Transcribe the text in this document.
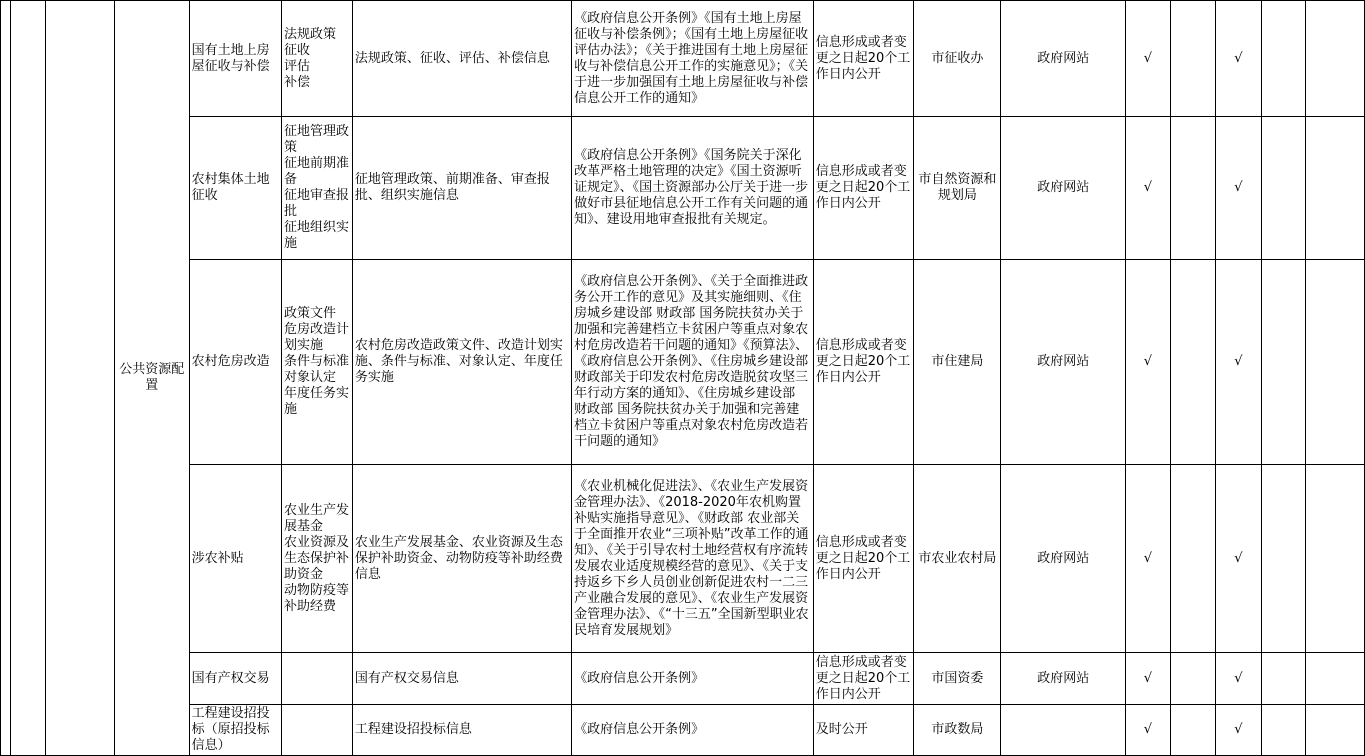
			公共资源配置	国有土地上房屋征收与补偿	法规政策
征收
评估
补偿	法规政策、征收、评估、补偿信息	《政府信息公开条例》《国有土地上房屋征收与补偿条例》；《国有土地上房屋征收评估办法》；《关于推进国有土地上房屋征收与补偿信息公开工作的实施意见》；《关于进一步加强国有土地上房屋征收与补偿信息公开工作的通知》	信息形成或者变更之日起20个工作日内公开	市征收办	政府网站	√		√		
				农村集体土地征收	征地管理政策
征地前期准备
征地审查报批
征地组织实施	征地管理政策、前期准备、审查报批、组织实施信息	《政府信息公开条例》《国务院关于深化改革严格土地管理的决定》《国土资源听证规定》、《国土资源部办公厅关于进一步做好市县征地信息公开工作有关问题的通知》、建设用地审查报批有关规定。	信息形成或者变更之日起20个工作日内公开	市自然资源和规划局	政府网站	√		√		
				农村危房改造	政策文件
危房改造计划实施
条件与标准
对象认定
年度任务实施	农村危房改造政策文件、改造计划实施、条件与标准、对象认定、年度任务实施	《政府信息公开条例》、《关于全面推进政务公开工作的意见》及其实施细则、《住房城乡建设部 财政部 国务院扶贫办关于加强和完善建档立卡贫困户等重点对象农村危房改造若干问题的通知》《预算法》、《政府信息公开条例》、《住房城乡建设部 财政部关于印发农村危房改造脱贫攻坚三年行动方案的通知》、《住房城乡建设部 财政部 国务院扶贫办关于加强和完善建档立卡贫困户等重点对象农村危房改造若干问题的通知》	信息形成或者变更之日起20个工作日内公开	市住建局	政府网站	√		√		
				涉农补贴	农业生产发展基金
农业资源及生态保护补助资金
动物防疫等补助经费	农业生产发展基金、农业资源及生态保护补助资金、动物防疫等补助经费信息	《农业机械化促进法》、《农业生产发展资金管理办法》、《2018-2020年农机购置补贴实施指导意见》、《财政部 农业部关于全面推开农业“三项补贴”改革工作的通知》、《关于引导农村土地经营权有序流转发展农业适度规模经营的意见》、《关于支持返乡下乡人员创业创新促进农村一二三产业融合发展的意见》、《农业生产发展资金管理办法》、《“十三五”全国新型职业农民培育发展规划》	信息形成或者变更之日起20个工作日内公开	市农业农村局	政府网站	√		√		
				国有产权交易		国有产权交易信息	《政府信息公开条例》	信息形成或者变更之日起20个工作日内公开	市国资委	政府网站	√		√		
				工程建设招投标（原招投标信息）		工程建设招投标信息	《政府信息公开条例》	及时公开	市政数局		√		√		
